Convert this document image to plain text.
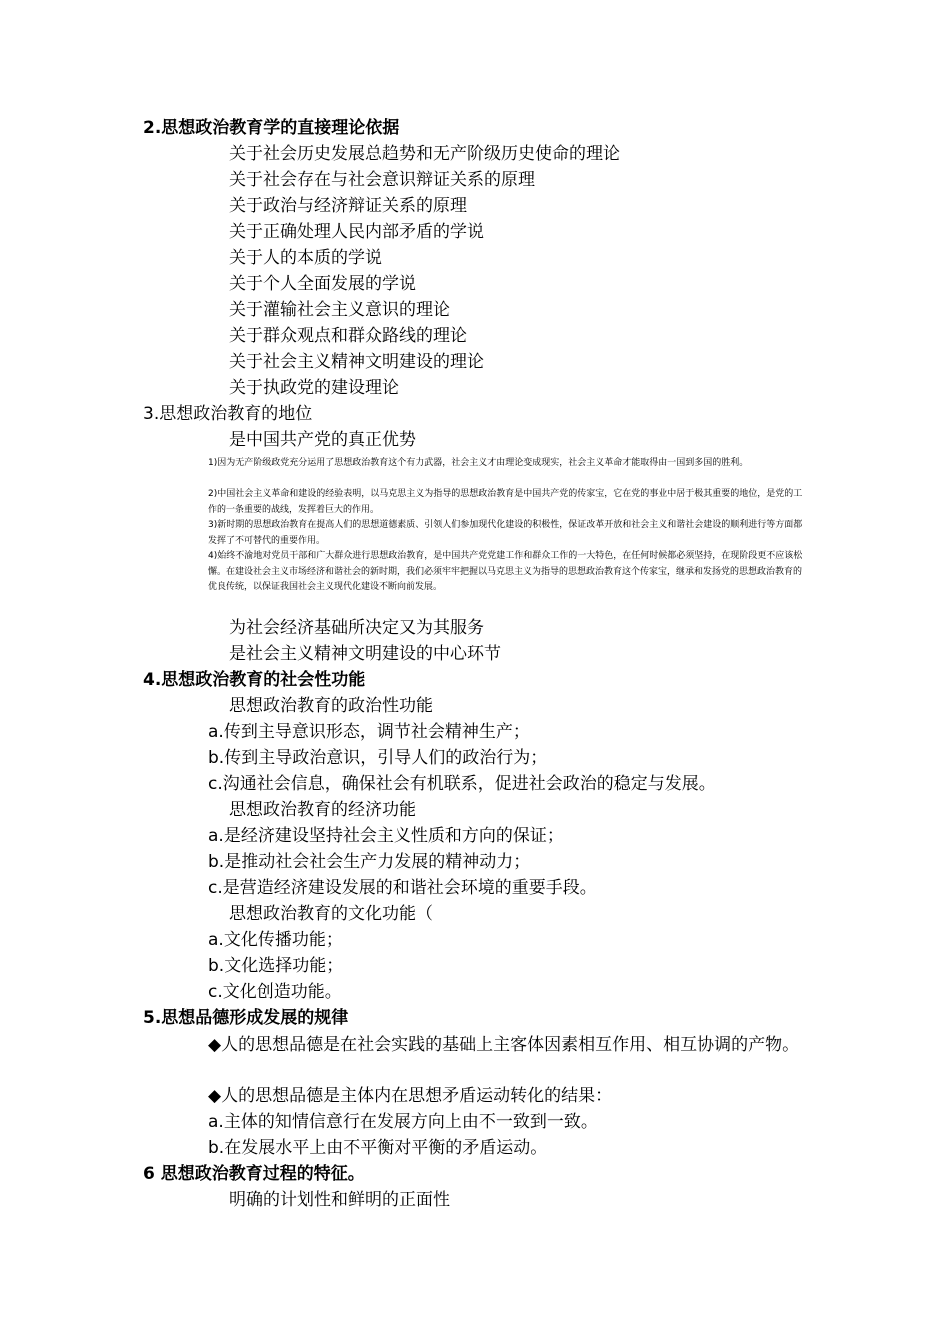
2.思想政治教育学的直接理论依据
关于社会历史发展总趋势和无产阶级历史使命的理论
关于社会存在与社会意识辩证关系的原理
关于政治与经济辩证关系的原理
关于正确处理人民内部矛盾的学说
关于人的本质的学说
关于个人全面发展的学说
关于灌输社会主义意识的理论
关于群众观点和群众路线的理论
关于社会主义精神文明建设的理论
关于执政党的建设理论
3.思想政治教育的地位
是中国共产党的真正优势
1)因为无产阶级政党充分运用了思想政治教育这个有力武器，社会主义才由理论变成现实，社会主义革命才能取得由一国到多国的胜利。
2)中国社会主义革命和建设的经验表明，以马克思主义为指导的思想政治教育是中国共产党的传家宝，它在党的事业中居于极其重要的地位，是党的工作的一条重要的战线，发挥着巨大的作用。
3)新时期的思想政治教育在提高人们的思想道德素质、引领人们参加现代化建设的积极性，保证改革开放和社会主义和谐社会建设的顺利进行等方面都发挥了不可替代的重要作用。
4)始终不渝地对党员干部和广大群众进行思想政治教育，是中国共产党党建工作和群众工作的一大特色，在任何时候都必须坚持，在现阶段更不应该松懈。在建设社会主义市场经济和谐社会的新时期，我们必须牢牢把握以马克思主义为指导的思想政治教育这个传家宝，继承和发扬党的思想政治教育的优良传统，以保证我国社会主义现代化建设不断向前发展。
为社会经济基础所决定又为其服务
是社会主义精神文明建设的中心环节
4.思想政治教育的社会性功能
思想政治教育的政治性功能
a.传到主导意识形态，调节社会精神生产；
b.传到主导政治意识，引导人们的政治行为；
c.沟通社会信息，确保社会有机联系，促进社会政治的稳定与发展。
思想政治教育的经济功能
a.是经济建设坚持社会主义性质和方向的保证；
b.是推动社会社会生产力发展的精神动力；
c.是营造经济建设发展的和谐社会环境的重要手段。
思想政治教育的文化功能（
a.文化传播功能；
b.文化选择功能；
c.文化创造功能。
5.思想品德形成发展的规律
◆人的思想品德是在社会实践的基础上主客体因素相互作用、相互协调的产物。
◆人的思想品德是主体内在思想矛盾运动转化的结果：
a.主体的知情信意行在发展方向上由不一致到一致。
b.在发展水平上由不平衡对平衡的矛盾运动。
6 思想政治教育过程的特征。
明确的计划性和鲜明的正面性
